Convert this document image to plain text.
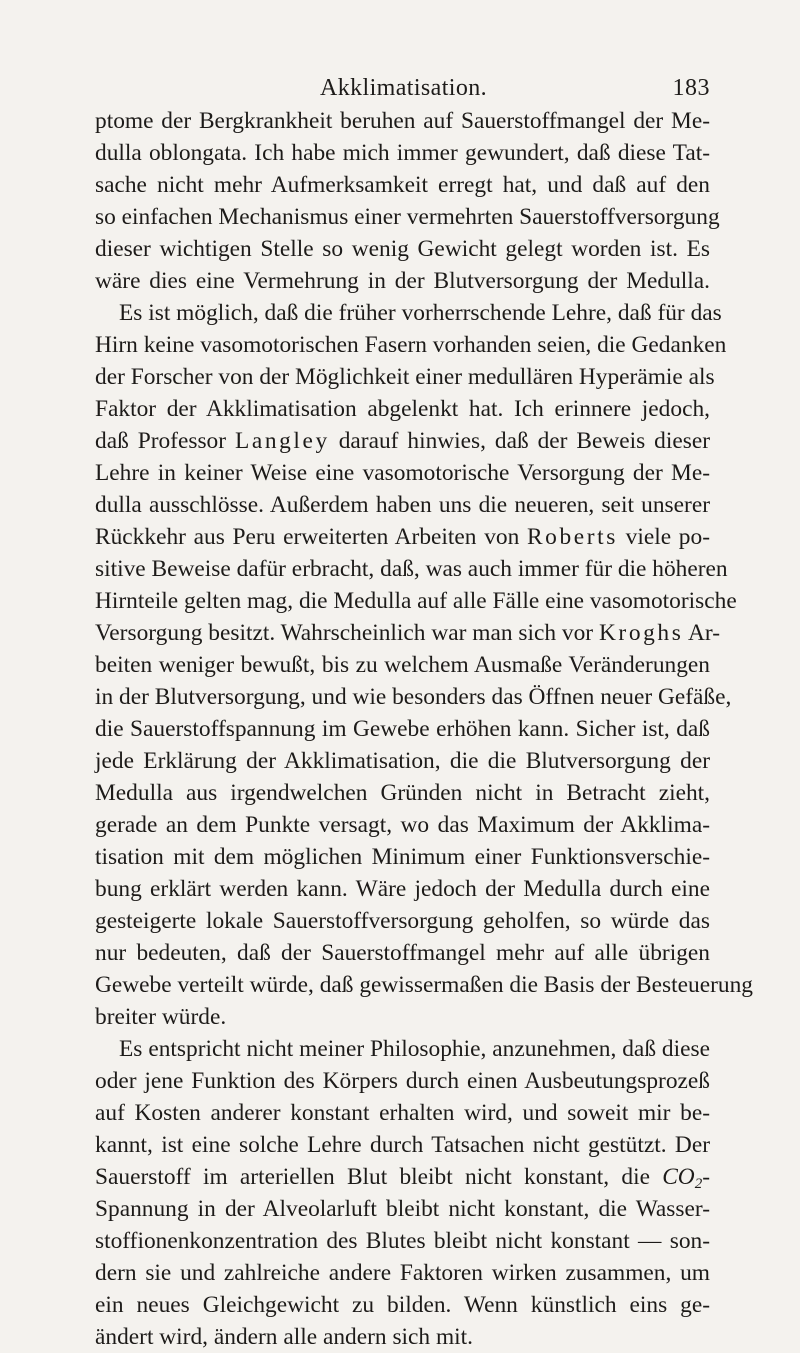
Akklimatisation.	183
ptome der Bergkrankheit beruhen auf Sauerstoffmangel der Me-
dulla oblongata. Ich habe mich immer gewundert, daß diese Tat-
sache nicht mehr Aufmerksamkeit erregt hat, und daß auf den
so einfachen Mechanismus einer vermehrten Sauerstoffversorgung
dieser wichtigen Stelle so wenig Gewicht gelegt worden ist. Es
wäre dies eine Vermehrung in der Blutversorgung der Medulla.
Es ist möglich, daß die früher vorherrschende Lehre, daß für das
Hirn keine vasomotorischen Fasern vorhanden seien, die Gedanken
der Forscher von der Möglichkeit einer medullären Hyperämie als
Faktor der Akklimatisation abgelenkt hat. Ich erinnere jedoch,
daß Professor Langley darauf hinwies, daß der Beweis dieser
Lehre in keiner Weise eine vasomotorische Versorgung der Me-
dulla ausschlösse. Außerdem haben uns die neueren, seit unserer
Rückkehr aus Peru erweiterten Arbeiten von Roberts viele po-
sitive Beweise dafür erbracht, daß, was auch immer für die höheren
Hirnteile gelten mag, die Medulla auf alle Fälle eine vasomotorische
Versorgung besitzt. Wahrscheinlich war man sich vor Kroghs Ar-
beiten weniger bewußt, bis zu welchem Ausmaße Veränderungen
in der Blutversorgung, und wie besonders das Öffnen neuer Gefäße,
die Sauerstoffspannung im Gewebe erhöhen kann. Sicher ist, daß
jede Erklärung der Akklimatisation, die die Blutversorgung der
Medulla aus irgendwelchen Gründen nicht in Betracht zieht,
gerade an dem Punkte versagt, wo das Maximum der Akklima-
tisation mit dem möglichen Minimum einer Funktionsverschie-
bung erklärt werden kann. Wäre jedoch der Medulla durch eine
gesteigerte lokale Sauerstoffversorgung geholfen, so würde das
nur bedeuten, daß der Sauerstoffmangel mehr auf alle übrigen
Gewebe verteilt würde, daß gewissermaßen die Basis der Besteuerung
breiter würde.
Es entspricht nicht meiner Philosophie, anzunehmen, daß diese
oder jene Funktion des Körpers durch einen Ausbeutungsprozeß
auf Kosten anderer konstant erhalten wird, und soweit mir be-
kannt, ist eine solche Lehre durch Tatsachen nicht gestützt. Der
Sauerstoff im arteriellen Blut bleibt nicht konstant, die $CO_2-$
Spannung in der Alveolarluft bleibt nicht konstant, die Wasser-
stoffionenkonzentration des Blutes bleibt nicht konstant — son-
dern sie und zahlreiche andere Faktoren wirken zusammen, um
ein neues Gleichgewicht zu bilden. Wenn künstlich eins ge-
ändert wird, ändern alle andern sich mit.
